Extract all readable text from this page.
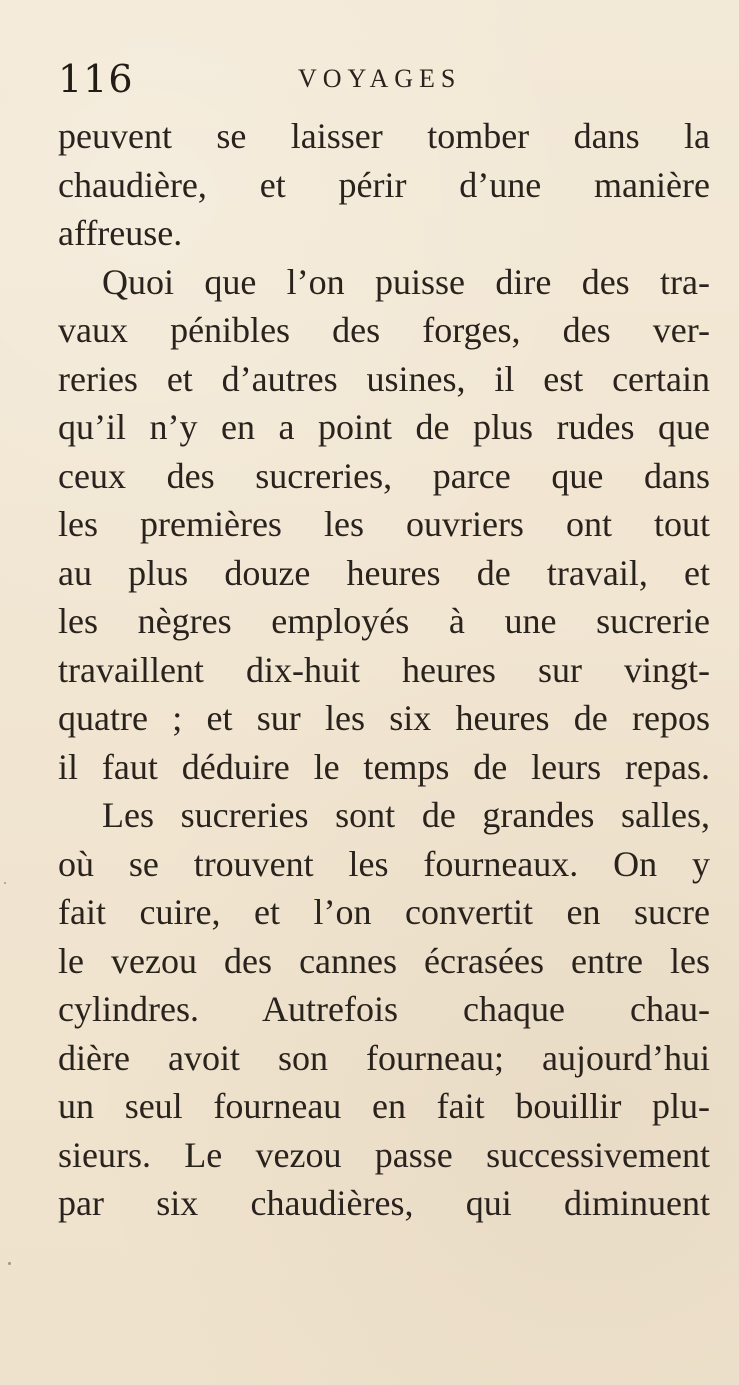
116	VOYAGES
peuvent se laisser tomber dans la
chaudière, et périr d’une manière
affreuse.
Quoi que l’on puisse dire des tra-
vaux pénibles des forges, des ver-
reries et d’autres usines, il est certain
qu’il n’y en a point de plus rudes que
ceux des sucreries, parce que dans
les premières les ouvriers ont tout
au plus douze heures de travail, et
les nègres employés à une sucrerie
travaillent dix-huit heures sur vingt-
quatre ; et sur les six heures de repos
il faut déduire le temps de leurs repas.
Les sucreries sont de grandes salles,
où se trouvent les fourneaux. On y
fait cuire, et l’on convertit en sucre
le vezou des cannes écrasées entre les
cylindres. Autrefois chaque chau-
dière avoit son fourneau; aujourd’hui
un seul fourneau en fait bouillir plu-
sieurs. Le vezou passe successivement
par six chaudières, qui diminuent
